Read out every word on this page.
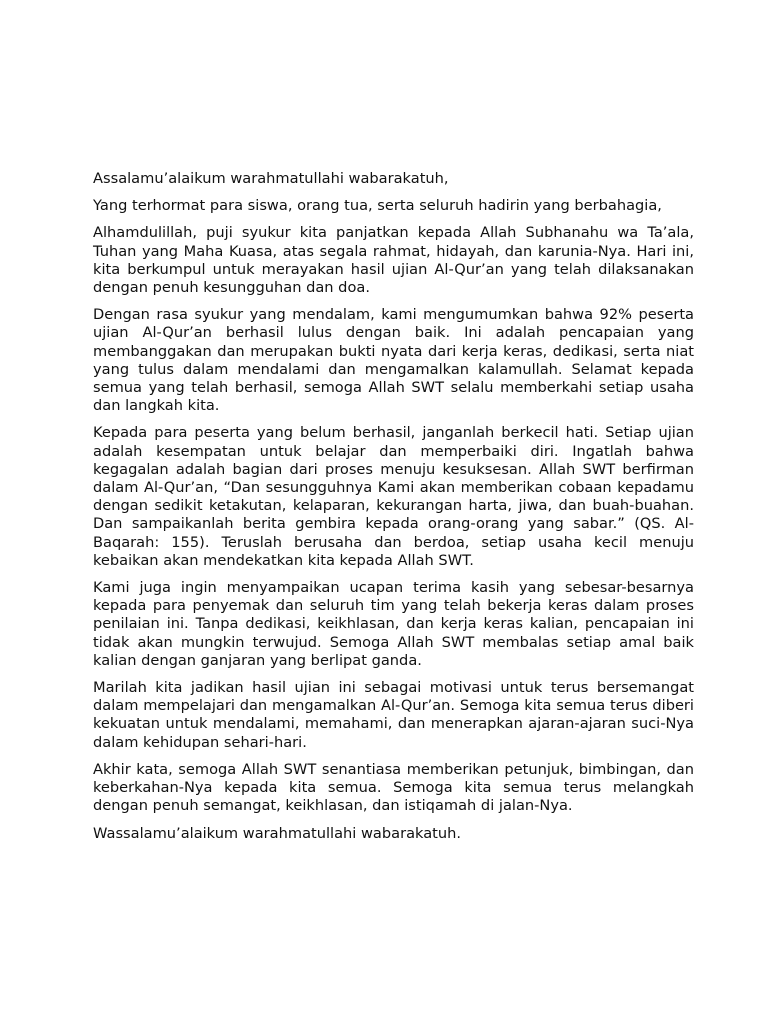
Assalamu’alaikum warahmatullahi wabarakatuh,

Yang terhormat para siswa, orang tua, serta seluruh hadirin yang berbahagia,

Alhamdulillah, puji syukur kita panjatkan kepada Allah Subhanahu wa Ta’ala, Tuhan yang Maha Kuasa, atas segala rahmat, hidayah, dan karunia-Nya. Hari ini, kita berkumpul untuk merayakan hasil ujian Al-Qur’an yang telah dilaksanakan dengan penuh kesungguhan dan doa.

Dengan rasa syukur yang mendalam, kami mengumumkan bahwa 92% peserta ujian Al-Qur’an berhasil lulus dengan baik. Ini adalah pencapaian yang membanggakan dan merupakan bukti nyata dari kerja keras, dedikasi, serta niat yang tulus dalam mendalami dan mengamalkan kalamullah. Selamat kepada semua yang telah berhasil, semoga Allah SWT selalu memberkahi setiap usaha dan langkah kita.

Kepada para peserta yang belum berhasil, janganlah berkecil hati. Setiap ujian adalah kesempatan untuk belajar dan memperbaiki diri. Ingatlah bahwa kegagalan adalah bagian dari proses menuju kesuksesan. Allah SWT berfirman dalam Al-Qur’an, “Dan sesungguhnya Kami akan memberikan cobaan kepadamu dengan sedikit ketakutan, kelaparan, kekurangan harta, jiwa, dan buah-buahan. Dan sampaikanlah berita gembira kepada orang-orang yang sabar.” (QS. Al-Baqarah: 155). Teruslah berusaha dan berdoa, setiap usaha kecil menuju kebaikan akan mendekatkan kita kepada Allah SWT.

Kami juga ingin menyampaikan ucapan terima kasih yang sebesar-besarnya kepada para penyemak dan seluruh tim yang telah bekerja keras dalam proses penilaian ini. Tanpa dedikasi, keikhlasan, dan kerja keras kalian, pencapaian ini tidak akan mungkin terwujud. Semoga Allah SWT membalas setiap amal baik kalian dengan ganjaran yang berlipat ganda.

Marilah kita jadikan hasil ujian ini sebagai motivasi untuk terus bersemangat dalam mempelajari dan mengamalkan Al-Qur’an. Semoga kita semua terus diberi kekuatan untuk mendalami, memahami, dan menerapkan ajaran-ajaran suci-Nya dalam kehidupan sehari-hari.

Akhir kata, semoga Allah SWT senantiasa memberikan petunjuk, bimbingan, dan keberkahan-Nya kepada kita semua. Semoga kita semua terus melangkah dengan penuh semangat, keikhlasan, dan istiqamah di jalan-Nya.

Wassalamu’alaikum warahmatullahi wabarakatuh.
